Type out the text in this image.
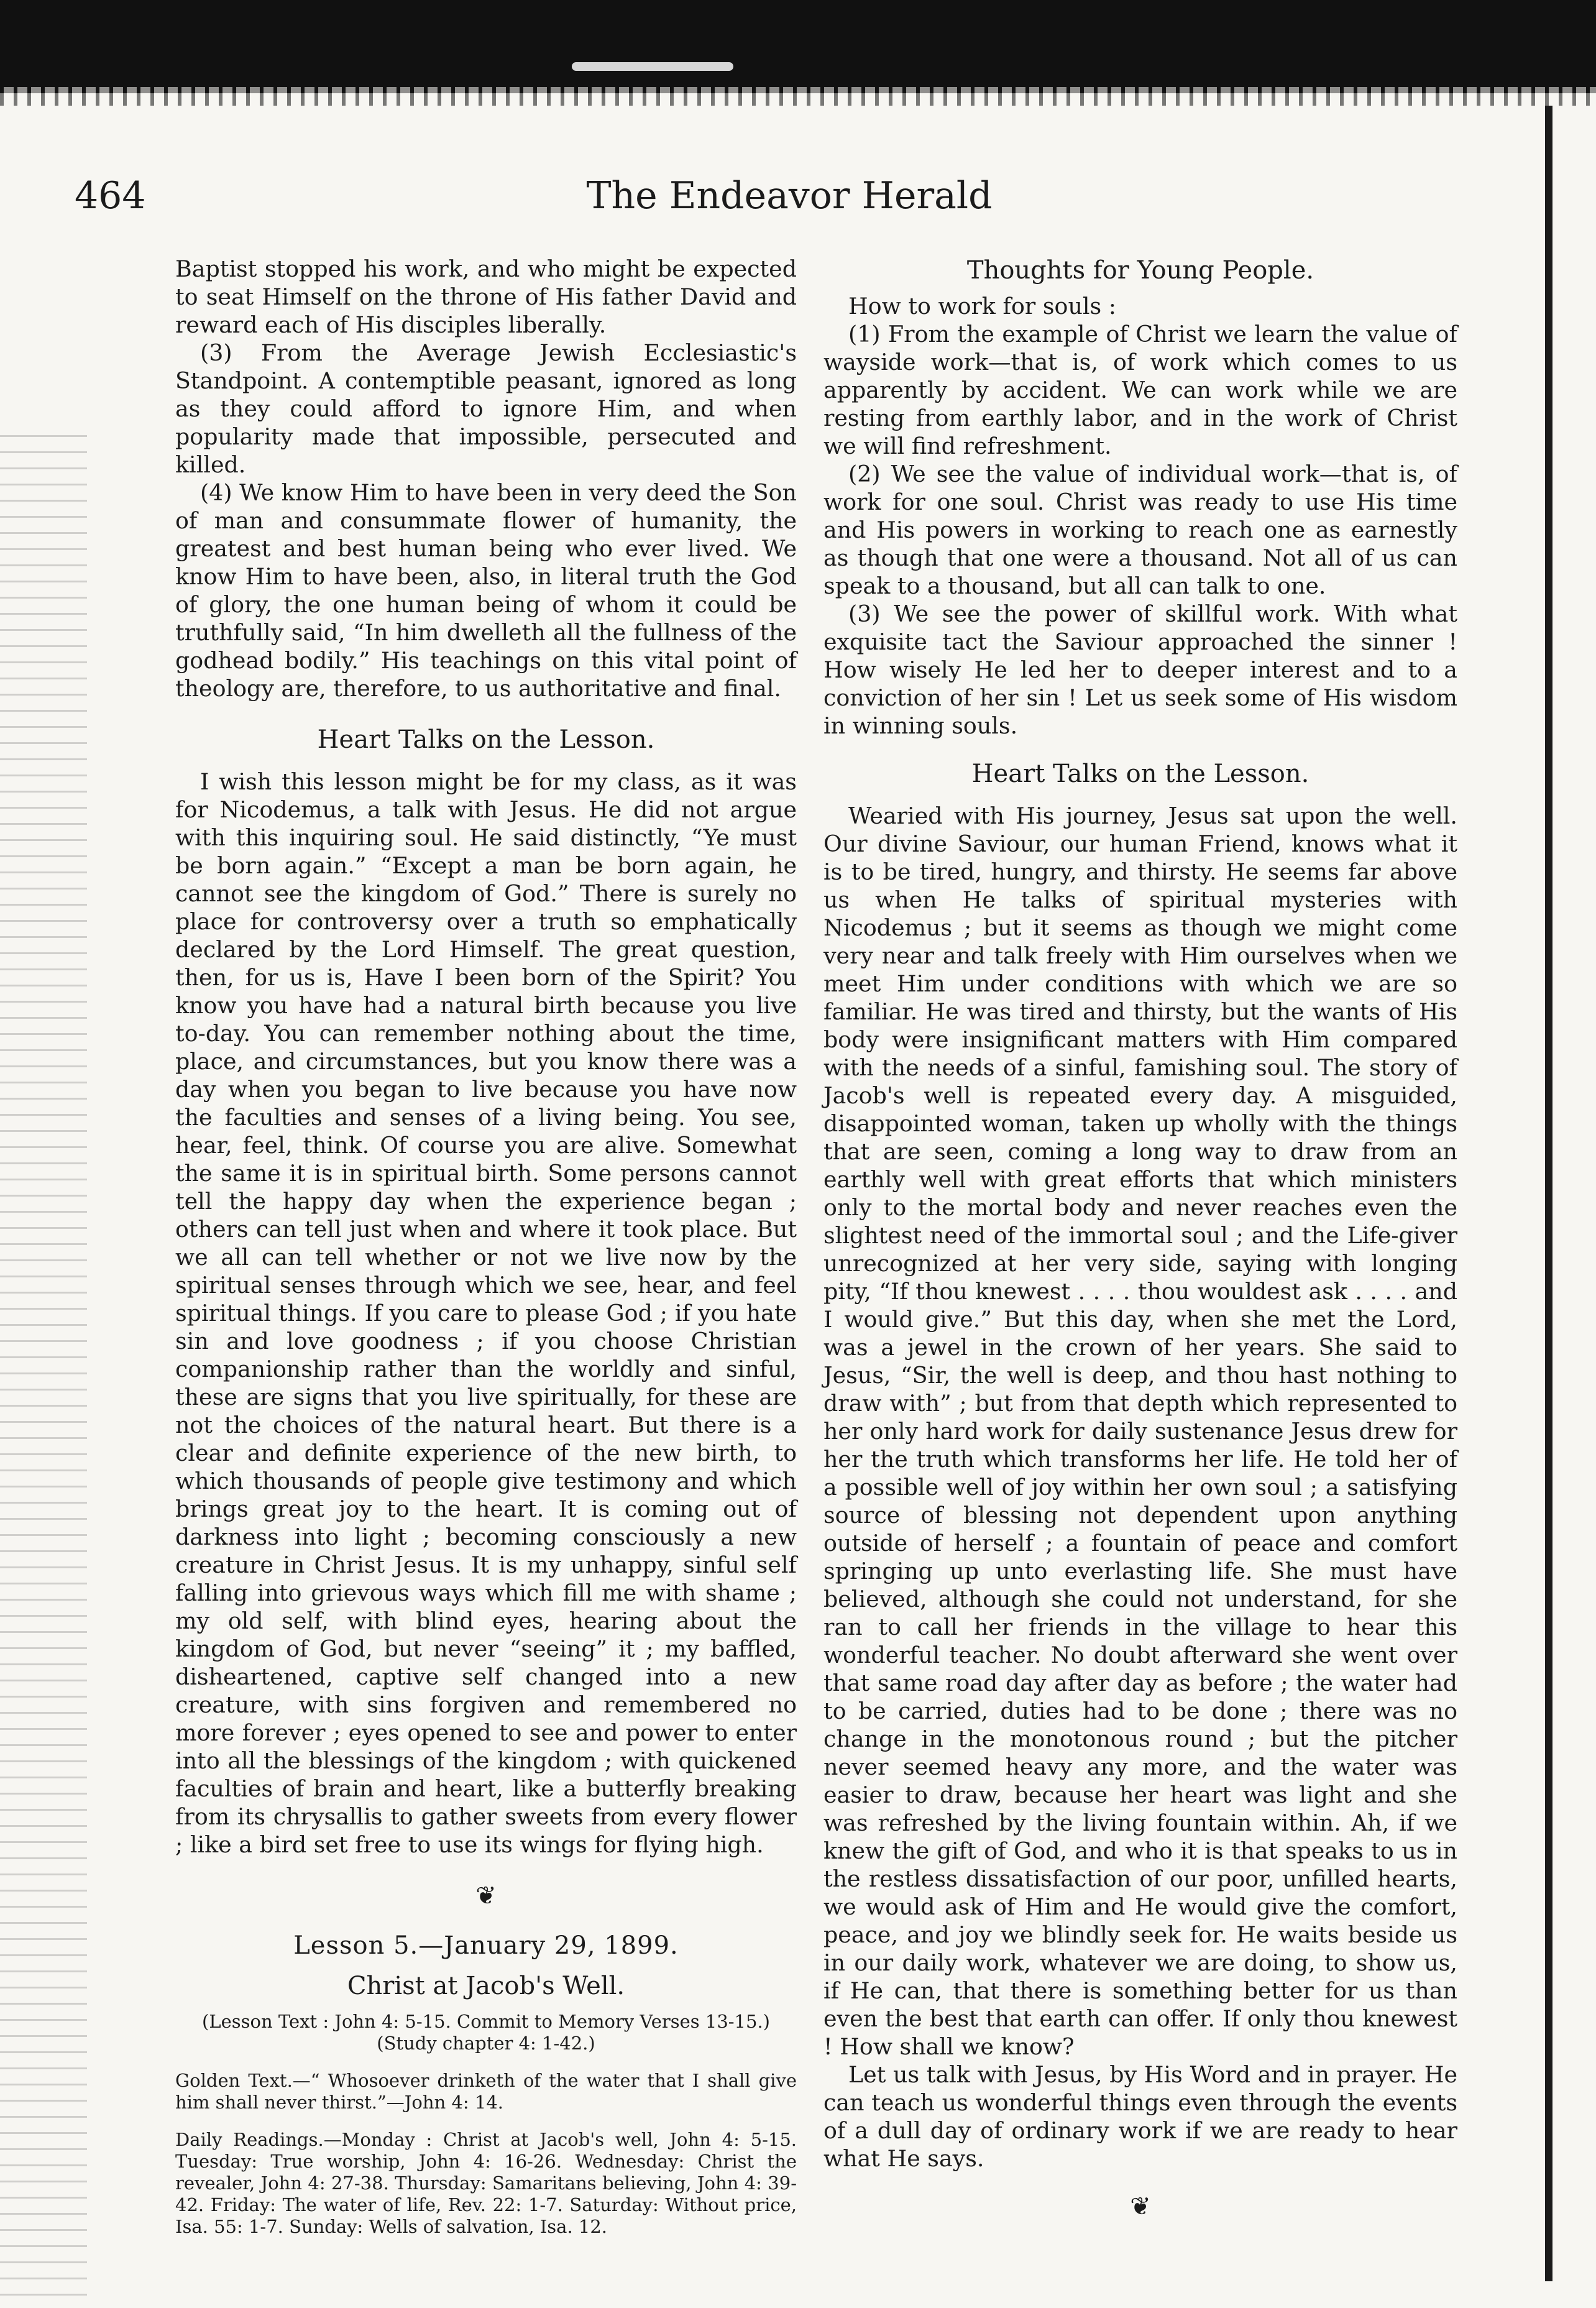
464	The Endeavor Herald

Baptist stopped his work, and who might be expected to seat Himself on the throne of His father David and reward each of His disciples liberally.

(3) From the Average Jewish Ecclesiastic's Standpoint. A contemptible peasant, ignored as long as they could afford to ignore Him, and when popularity made that impossible, persecuted and killed.

(4) We know Him to have been in very deed the Son of man and consummate flower of humanity, the greatest and best human being who ever lived. We know Him to have been, also, in literal truth the God of glory, the one human being of whom it could be truthfully said, “In him dwelleth all the fullness of the godhead bodily.” His teachings on this vital point of theology are, therefore, to us authoritative and final.

Heart Talks on the Lesson.

I wish this lesson might be for my class, as it was for Nicodemus, a talk with Jesus. He did not argue with this inquiring soul. He said distinctly, “Ye must be born again.” “Except a man be born again, he cannot see the kingdom of God.” There is surely no place for controversy over a truth so emphatically declared by the Lord Himself. The great question, then, for us is, Have I been born of the Spirit? You know you have had a natural birth because you live to-day. You can remember nothing about the time, place, and circumstances, but you know there was a day when you began to live because you have now the faculties and senses of a living being. You see, hear, feel, think. Of course you are alive. Somewhat the same it is in spiritual birth. Some persons cannot tell the happy day when the experience began ; others can tell just when and where it took place. But we all can tell whether or not we live now by the spiritual senses through which we see, hear, and feel spiritual things. If you care to please God ; if you hate sin and love goodness ; if you choose Christian companionship rather than the worldly and sinful, these are signs that you live spiritually, for these are not the choices of the natural heart. But there is a clear and definite experience of the new birth, to which thousands of people give testimony and which brings great joy to the heart. It is coming out of darkness into light ; becoming consciously a new creature in Christ Jesus. It is my unhappy, sinful self falling into grievous ways which fill me with shame ; my old self, with blind eyes, hearing about the kingdom of God, but never “seeing” it ; my baffled, disheartened, captive self changed into a new creature, with sins forgiven and remembered no more forever ; eyes opened to see and power to enter into all the blessings of the kingdom ; with quickened faculties of brain and heart, like a butterfly breaking from its chrysallis to gather sweets from every flower ; like a bird set free to use its wings for flying high.

❦
Lesson 5.—January 29, 1899.
Christ at Jacob's Well.

(Lesson Text : John 4: 5-15. Commit to Memory Verses 13-15.)

(Study chapter 4: 1-42.)

Golden Text.—“ Whosoever drinketh of the water that I shall give him shall never thirst.”—John 4: 14.

Daily Readings.—Monday : Christ at Jacob's well, John 4: 5-15. Tuesday: True worship, John 4: 16-26. Wednesday: Christ the revealer, John 4: 27-38. Thursday: Samaritans believing, John 4: 39-42. Friday: The water of life, Rev. 22: 1-7. Saturday: Without price, Isa. 55: 1-7. Sunday: Wells of salvation, Isa. 12.

Thoughts for Young People.

How to work for souls :

(1) From the example of Christ we learn the value of wayside work—that is, of work which comes to us apparently by accident. We can work while we are resting from earthly labor, and in the work of Christ we will find refreshment.

(2) We see the value of individual work—that is, of work for one soul. Christ was ready to use His time and His powers in working to reach one as earnestly as though that one were a thousand. Not all of us can speak to a thousand, but all can talk to one.

(3) We see the power of skillful work. With what exquisite tact the Saviour approached the sinner ! How wisely He led her to deeper interest and to a conviction of her sin ! Let us seek some of His wisdom in winning souls.

Heart Talks on the Lesson.

Wearied with His journey, Jesus sat upon the well. Our divine Saviour, our human Friend, knows what it is to be tired, hungry, and thirsty. He seems far above us when He talks of spiritual mysteries with Nicodemus ; but it seems as though we might come very near and talk freely with Him ourselves when we meet Him under conditions with which we are so familiar. He was tired and thirsty, but the wants of His body were insignificant matters with Him compared with the needs of a sinful, famishing soul. The story of Jacob's well is repeated every day. A misguided, disappointed woman, taken up wholly with the things that are seen, coming a long way to draw from an earthly well with great efforts that which ministers only to the mortal body and never reaches even the slightest need of the immortal soul ; and the Life-giver unrecognized at her very side, saying with longing pity, “If thou knewest . . . . thou wouldest ask . . . . and I would give.” But this day, when she met the Lord, was a jewel in the crown of her years. She said to Jesus, “Sir, the well is deep, and thou hast nothing to draw with” ; but from that depth which represented to her only hard work for daily sustenance Jesus drew for her the truth which transforms her life. He told her of a possible well of joy within her own soul ; a satisfying source of blessing not dependent upon anything outside of herself ; a fountain of peace and comfort springing up unto everlasting life. She must have believed, although she could not understand, for she ran to call her friends in the village to hear this wonderful teacher. No doubt afterward she went over that same road day after day as before ; the water had to be carried, duties had to be done ; there was no change in the monotonous round ; but the pitcher never seemed heavy any more, and the water was easier to draw, because her heart was light and she was refreshed by the living fountain within. Ah, if we knew the gift of God, and who it is that speaks to us in the restless dissatisfaction of our poor, unfilled hearts, we would ask of Him and He would give the comfort, peace, and joy we blindly seek for. He waits beside us in our daily work, whatever we are doing, to show us, if He can, that there is something better for us than even the best that earth can offer. If only thou knewest ! How shall we know?

Let us talk with Jesus, by His Word and in prayer. He can teach us wonderful things even through the events of a dull day of ordinary work if we are ready to hear what He says.

❦
